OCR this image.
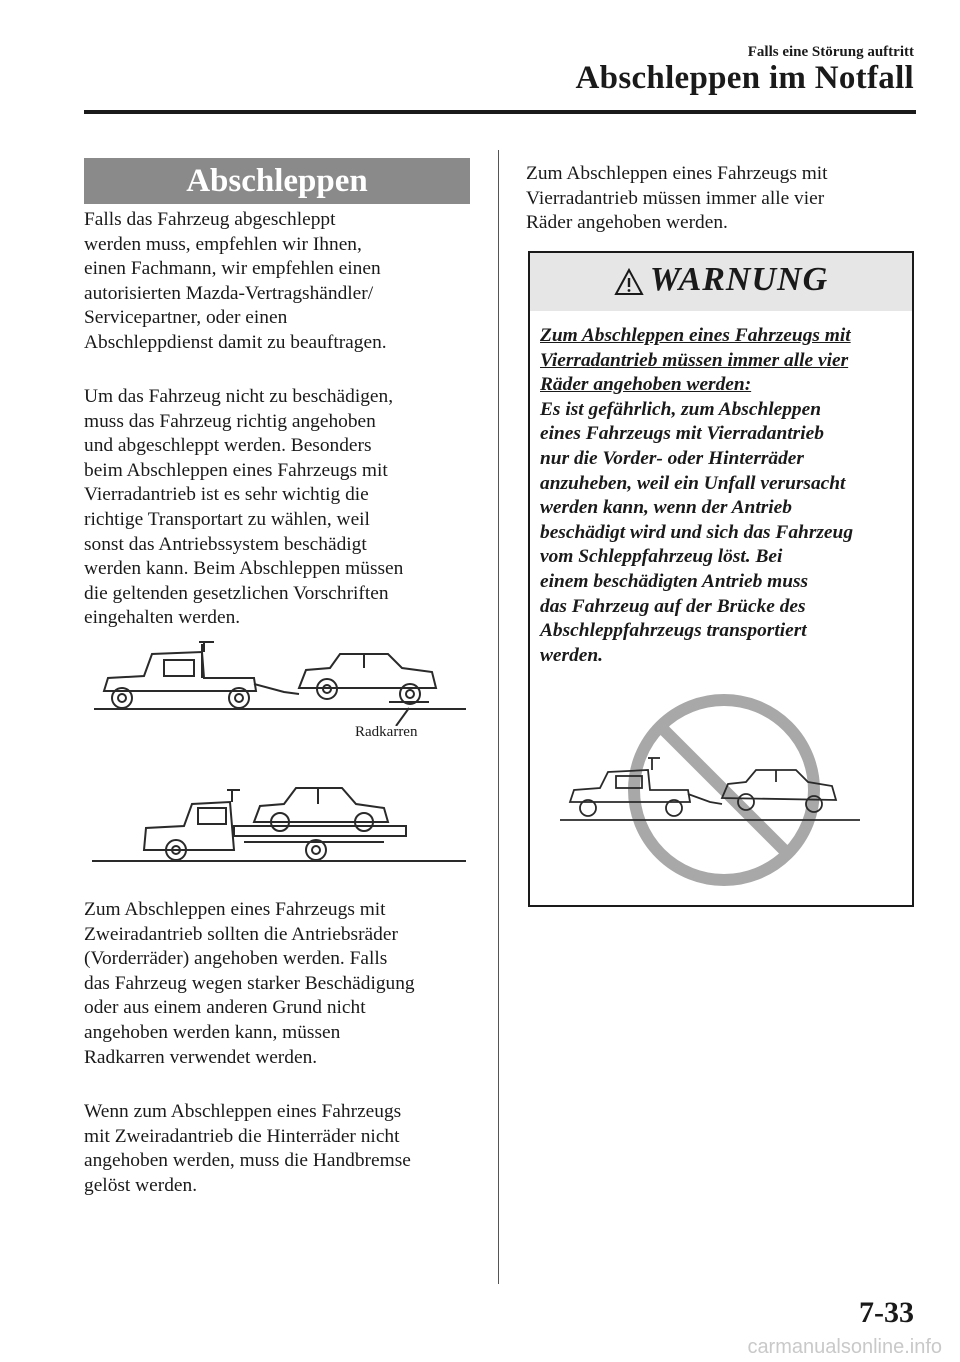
Falls eine Störung auftritt
Abschleppen im Notfall
Abschleppen
Falls das Fahrzeug abgeschleppt
werden muss, empfehlen wir Ihnen,
einen Fachmann, wir empfehlen einen
autorisierten Mazda-Vertragshändler/
Servicepartner, oder einen
Abschleppdienst damit zu beauftragen.
Um das Fahrzeug nicht zu beschädigen,
muss das Fahrzeug richtig angehoben
und abgeschleppt werden. Besonders
beim Abschleppen eines Fahrzeugs mit
Vierradantrieb ist es sehr wichtig die
richtige Transportart zu wählen, weil
sonst das Antriebssystem beschädigt
werden kann. Beim Abschleppen müssen
die geltenden gesetzlichen Vorschriften
eingehalten werden.
Radkarren
Zum Abschleppen eines Fahrzeugs mit
Zweiradantrieb sollten die Antriebsräder
(Vorderräder) angehoben werden. Falls
das Fahrzeug wegen starker Beschädigung
oder aus einem anderen Grund nicht
angehoben werden kann, müssen
Radkarren verwendet werden.
Wenn zum Abschleppen eines Fahrzeugs
mit Zweiradantrieb die Hinterräder nicht
angehoben werden, muss die Handbremse
gelöst werden.
Zum Abschleppen eines Fahrzeugs mit
Vierradantrieb müssen immer alle vier
Räder angehoben werden.
WARNUNG
Zum Abschleppen eines Fahrzeugs mit
Vierradantrieb müssen immer alle vier
Räder angehoben werden:
Es ist gefährlich, zum Abschleppen
eines Fahrzeugs mit Vierradantrieb
nur die Vorder- oder Hinterräder
anzuheben, weil ein Unfall verursacht
werden kann, wenn der Antrieb
beschädigt wird und sich das Fahrzeug
vom Schleppfahrzeug löst. Bei
einem beschädigten Antrieb muss
das Fahrzeug auf der Brücke des
Abschleppfahrzeugs transportiert
werden.
7-33
carmanualsonline.info
